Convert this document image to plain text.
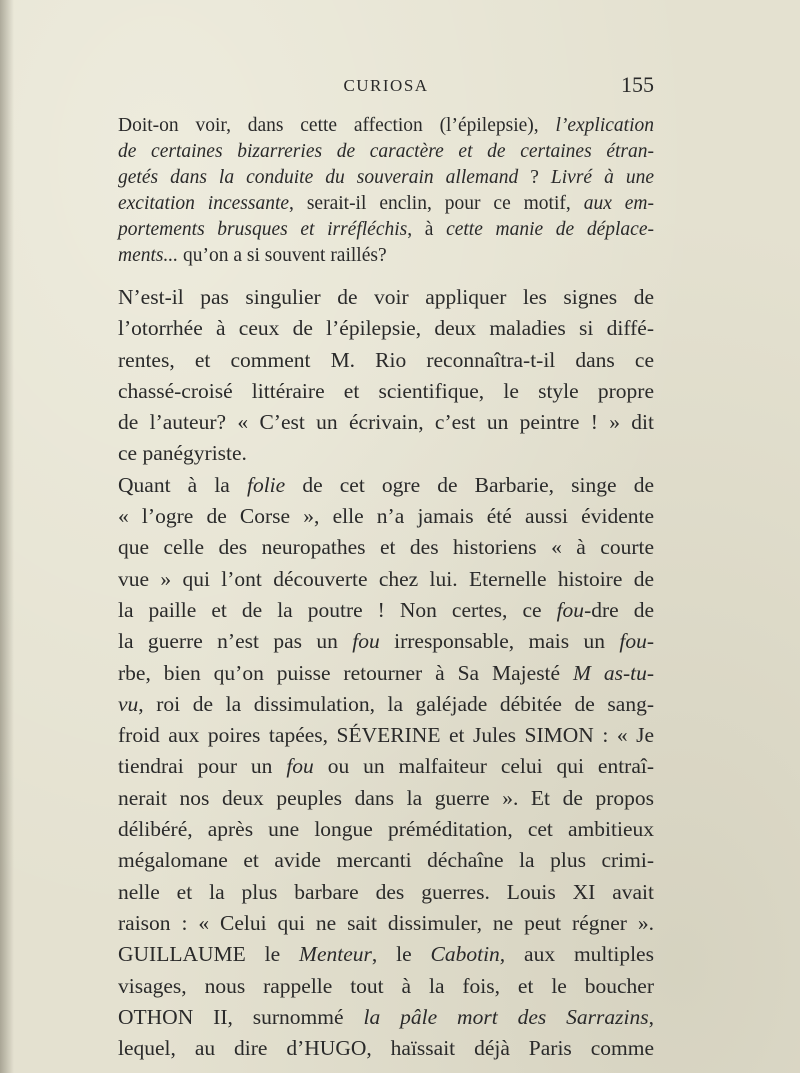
CURIOSA	155
Doit-on voir, dans cette affection (l’épilepsie), l’explication
de certaines bizarreries de caractère et de certaines étran-
getés dans la conduite du souverain allemand ? Livré à une
excitation incessante, serait-il enclin, pour ce motif, aux em-
portements brusques et irréfléchis, à cette manie de déplace-
ments... qu’on a si souvent raillés?
N’est-il pas singulier de voir appliquer les signes de
l’otorrhée à ceux de l’épilepsie, deux maladies si diffé-
rentes, et comment M. Rio reconnaîtra-t-il dans ce
chassé-croisé littéraire et scientifique, le style propre
de l’auteur? « C’est un écrivain, c’est un peintre ! » dit
ce panégyriste.
Quant à la folie de cet ogre de Barbarie, singe de
« l’ogre de Corse », elle n’a jamais été aussi évidente
que celle des neuropathes et des historiens « à courte
vue » qui l’ont découverte chez lui. Eternelle histoire de
la paille et de la poutre ! Non certes, ce fou-dre de
la guerre n’est pas un fou irresponsable, mais un fou-
rbe, bien qu’on puisse retourner à Sa Majesté M as-tu-
vu, roi de la dissimulation, la galéjade débitée de sang-
froid aux poires tapées, SÉVERINE et Jules SIMON : « Je
tiendrai pour un fou ou un malfaiteur celui qui entraî-
nerait nos deux peuples dans la guerre ». Et de propos
délibéré, après une longue préméditation, cet ambitieux
mégalomane et avide mercanti déchaîne la plus crimi-
nelle et la plus barbare des guerres. Louis XI avait
raison : « Celui qui ne sait dissimuler, ne peut régner ».
GUILLAUME le Menteur, le Cabotin, aux multiples
visages, nous rappelle tout à la fois, et le boucher
OTHON II, surnommé la pâle mort des Sarrazins,
lequel, au dire d’HUGO, haïssait déjà Paris comme
